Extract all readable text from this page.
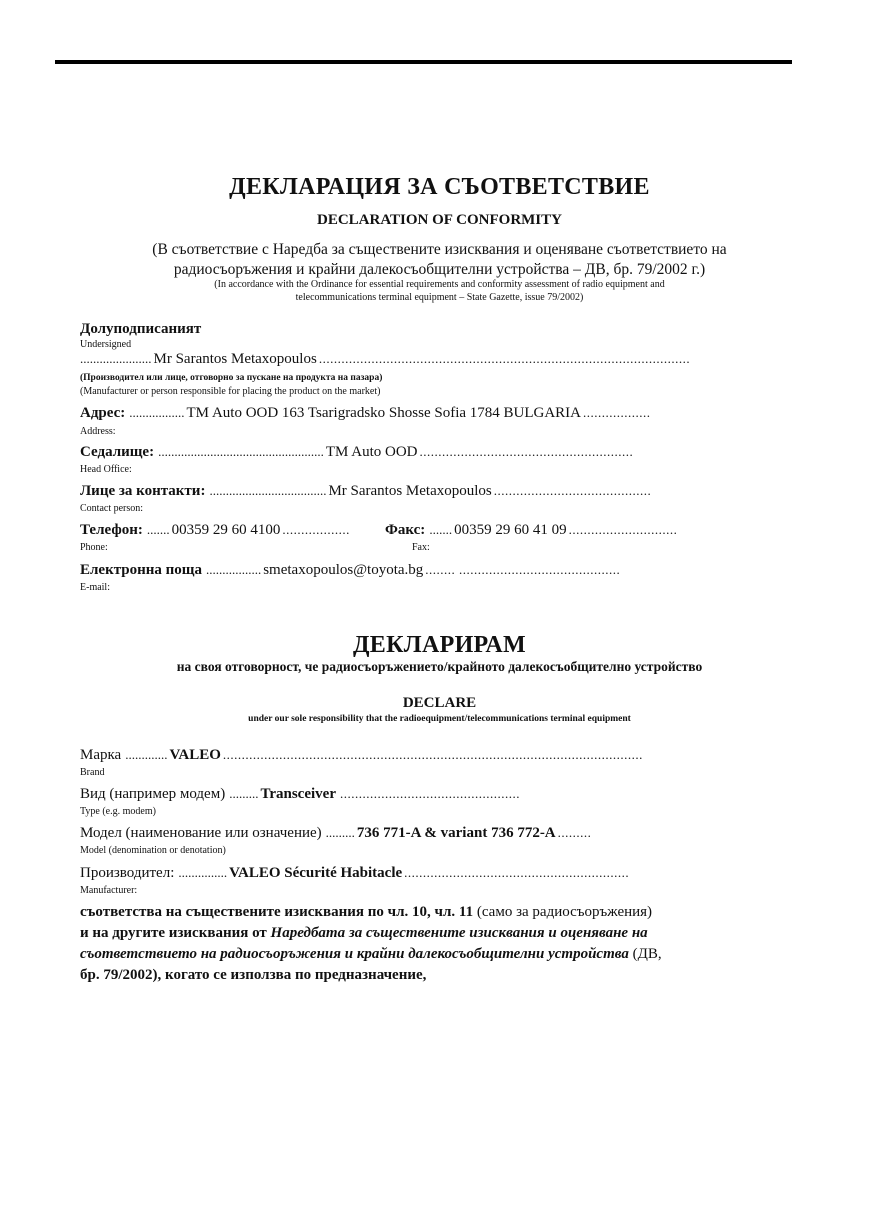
ДЕКЛАРАЦИЯ ЗА СЪОТВЕТСТВИЕ
DECLARATION OF CONFORMITY
(В съответствие с Наредба за съществените изисквания и оценяване съответствието на
радиосъоръжения и крайни далекосъобщителни устройства – ДВ, бр. 79/2002 г.)
(In accordance with the Ordinance for essential requirements and conformity assessment of radio equipment and
telecommunications terminal equipment – State Gazette, issue 79/2002)
Долуподписаният
Undersigned
...................... Mr Sarantos Metaxopoulos ...................................................................................................
(Производител или лице, отговорно за пускане на продукта на пазара)
(Manufacturer or person responsible for placing the product on the market)
Адрес: ................. TM Auto OOD 163 Tsarigradsko Shosse Sofia 1784 BULGARIA ..................
Address:
Седалище: ................................................... TM Auto OOD .........................................................
Head Office:
Лице за контакти: .................................... Mr Sarantos Metaxopoulos ..........................................
Contact person:
Телефон: ....... 00359 29 60 4100 ..................	Факс: ....... 00359 29 60 41 09 .............................
Phone:	Fax:
Електронна поща ................. smetaxopoulos@toyota.bg ........ ...........................................
E-mail:
ДЕКЛАРИРАМ
на своя отговорност, че радиосъоръжението/крайното далекосъобщително устройство
DECLARE
under our sole responsibility that the radioequipment/telecommunications terminal equipment
Марка ............. VALEO ................................................................................................................
Brand
Вид (например модем) ......... Transceiver ................................................
Type (e.g. modem)
Модел (наименование или означение) ......... 736 771-A & variant 736 772-A .........
Model (denomination or denotation)
Производител: ............... VALEO Sécurité Habitacle ............................................................
Manufacturer:
съответства на съществените изисквания по чл. 10, чл. 11 (само за радиосъоръжения)
и на другите изисквания от Наредбата за съществените изисквания и оценяване на
съответствието на радиосъоръжения и крайни далекосъобщителни устройства (ДВ,
бр. 79/2002), когато се използва по предназначение,
